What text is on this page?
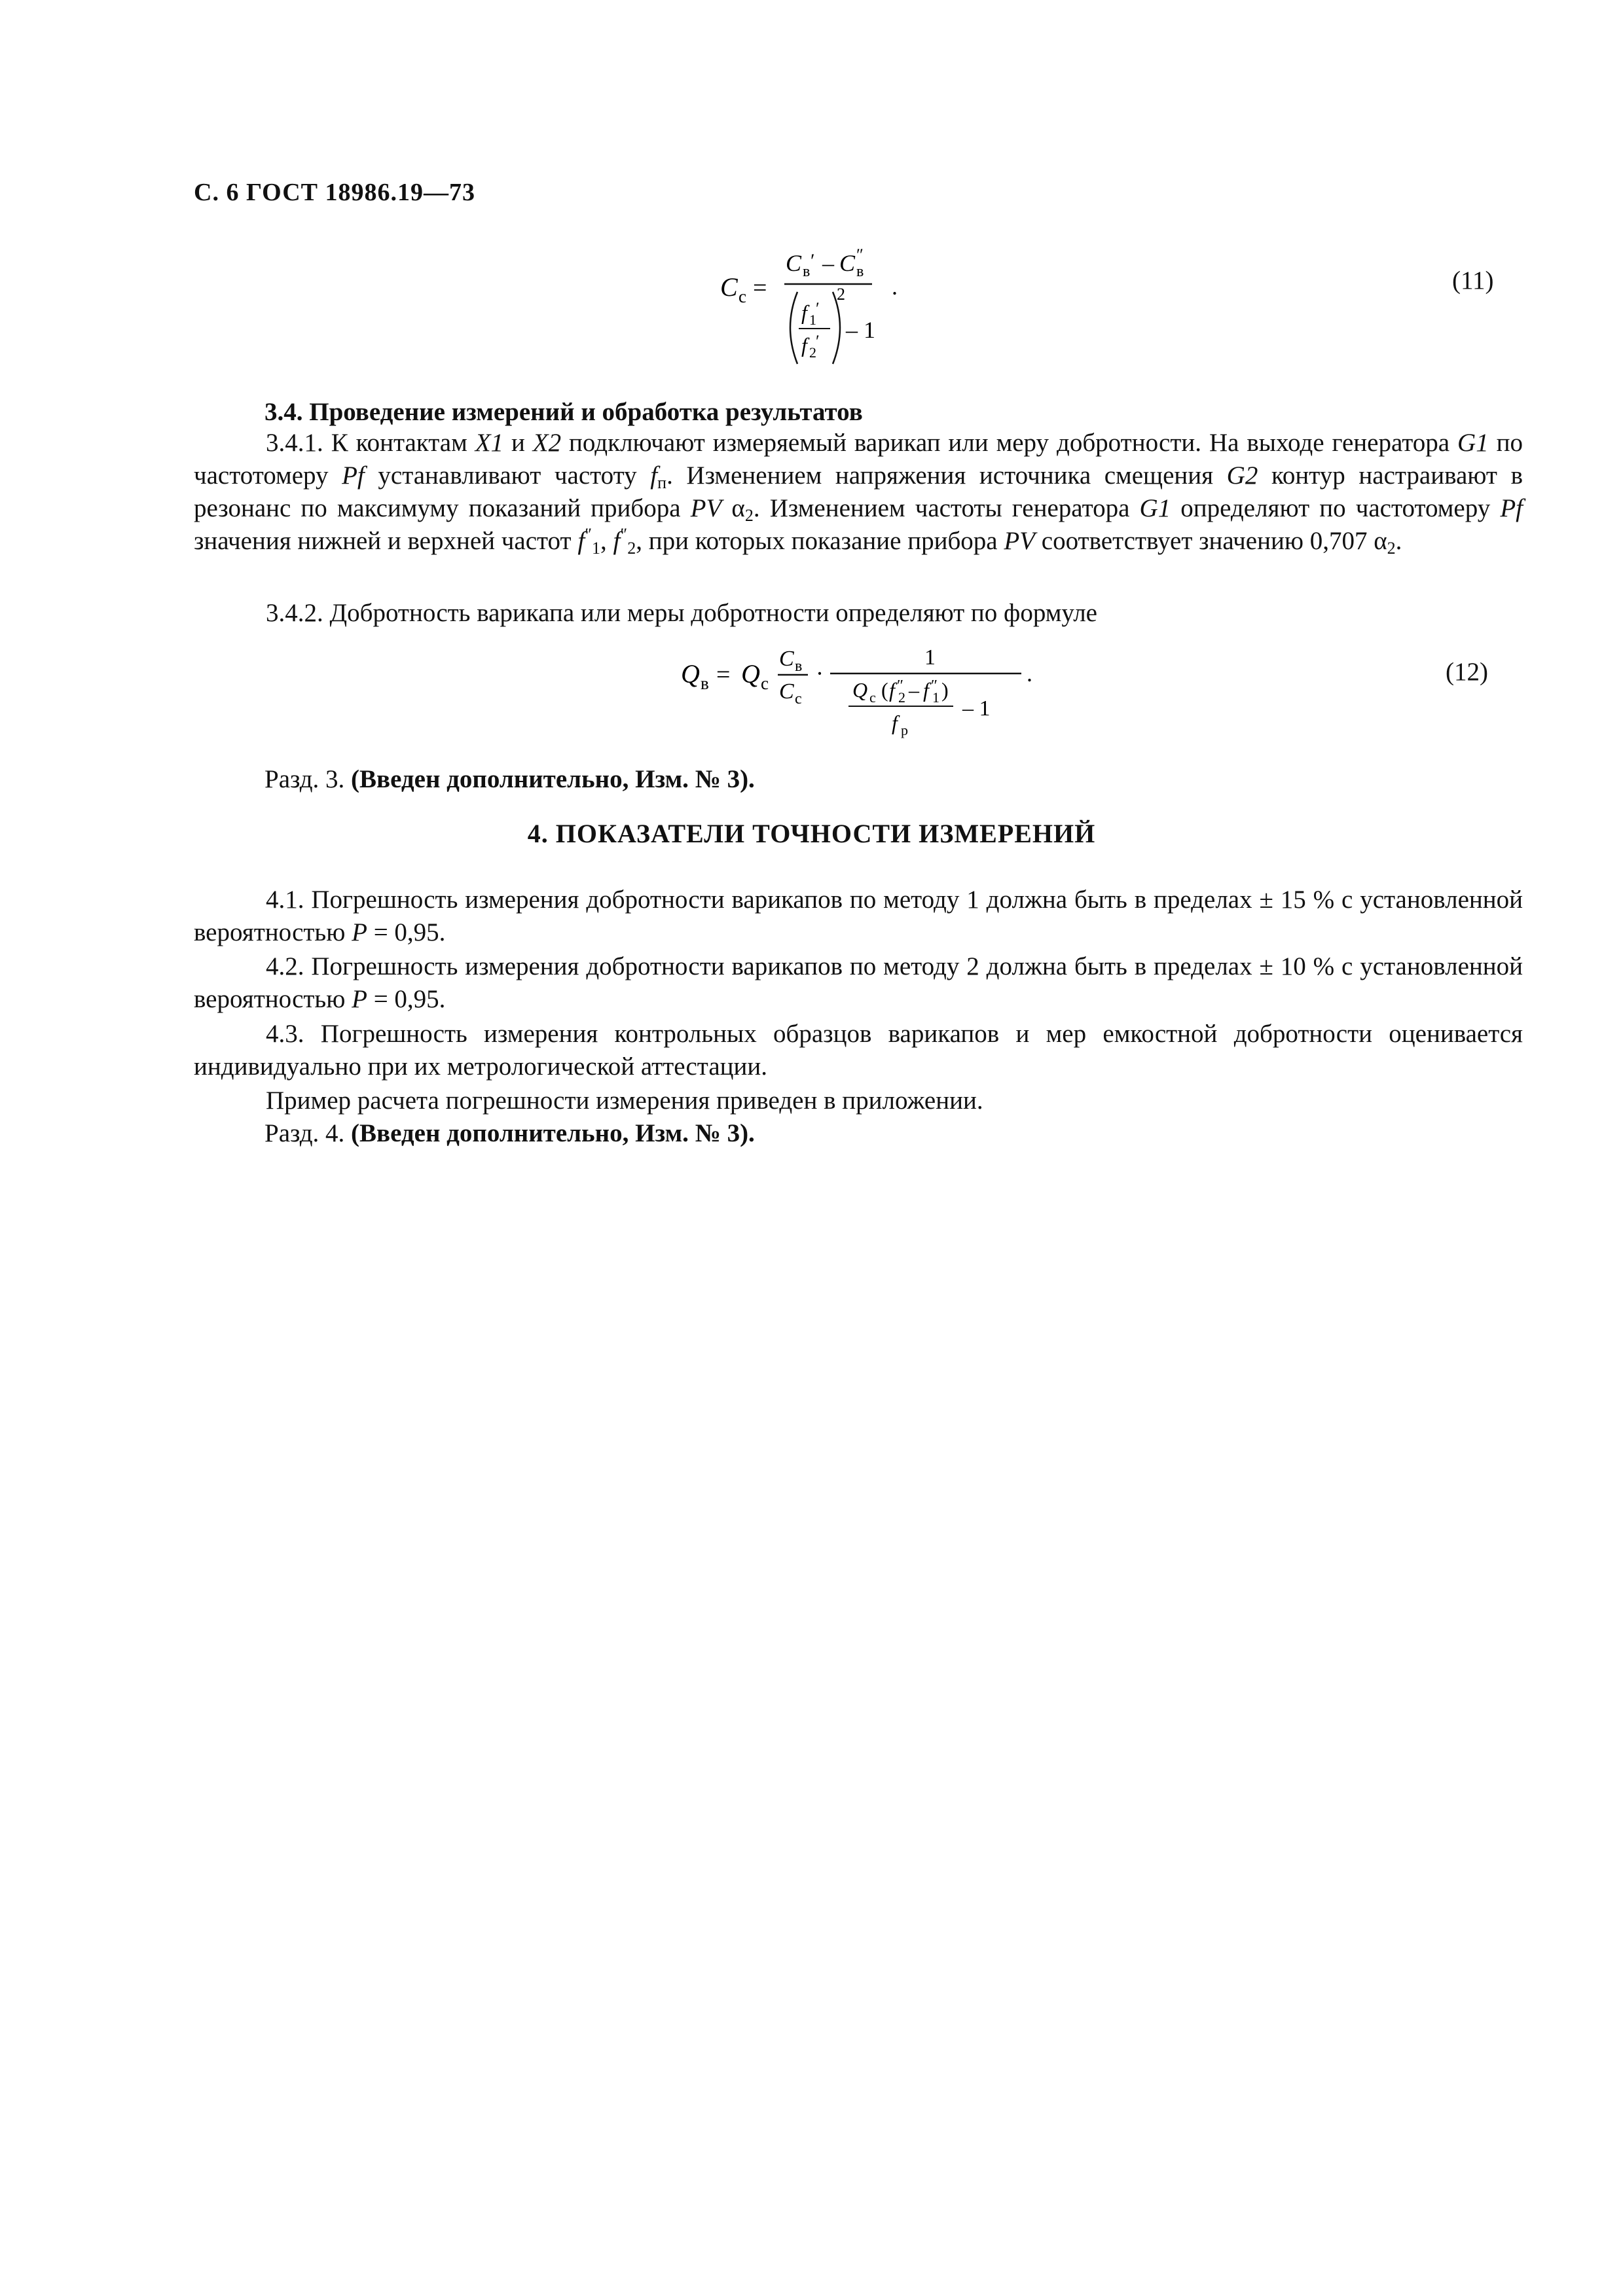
С. 6 ГОСТ 18986.19—73
C с =
C в ′ – C в
″
f 1
′
f 2
′
2
– 1
.	(11)
3.4. Проведение измерений и обработка результатов
3.4.1. К контактам X1 и X2 подключают измеряемый варикап или меру добротности. На выходе генератора G1 по частотомеру Pf устанавливают частоту $f_п$. Изменением напряжения источника смещения G2 контур настраивают в резонанс по максимуму показаний прибора PV $\alpha_2$. Изменением частоты генератора G1 определяют по частотомеру Pf значения нижней и верхней частот $f''_1$, $f''_2$, при которых показание прибора PV соответствует значению 0,707 $\alpha_2$.
3.4.2. Добротность варикапа или меры добротности определяют по формуле
Q в = Q c
C в
C с
·
1
Q с ( f ″
2 – f ″
1 )
f р
– 1
.	(12)
Разд. 3. (Введен дополнительно, Изм. № 3).
4. ПОКАЗАТЕЛИ ТОЧНОСТИ ИЗМЕРЕНИЙ
4.1. Погрешность измерения добротности варикапов по методу 1 должна быть в пределах ± 15 % с установленной вероятностью P = 0,95.
4.2. Погрешность измерения добротности варикапов по методу 2 должна быть в пределах ± 10 % с установленной вероятностью P = 0,95.
4.3. Погрешность измерения контрольных образцов варикапов и мер емкостной добротности оценивается индивидуально при их метрологической аттестации.
Пример расчета погрешности измерения приведен в приложении.
Разд. 4. (Введен дополнительно, Изм. № 3).
